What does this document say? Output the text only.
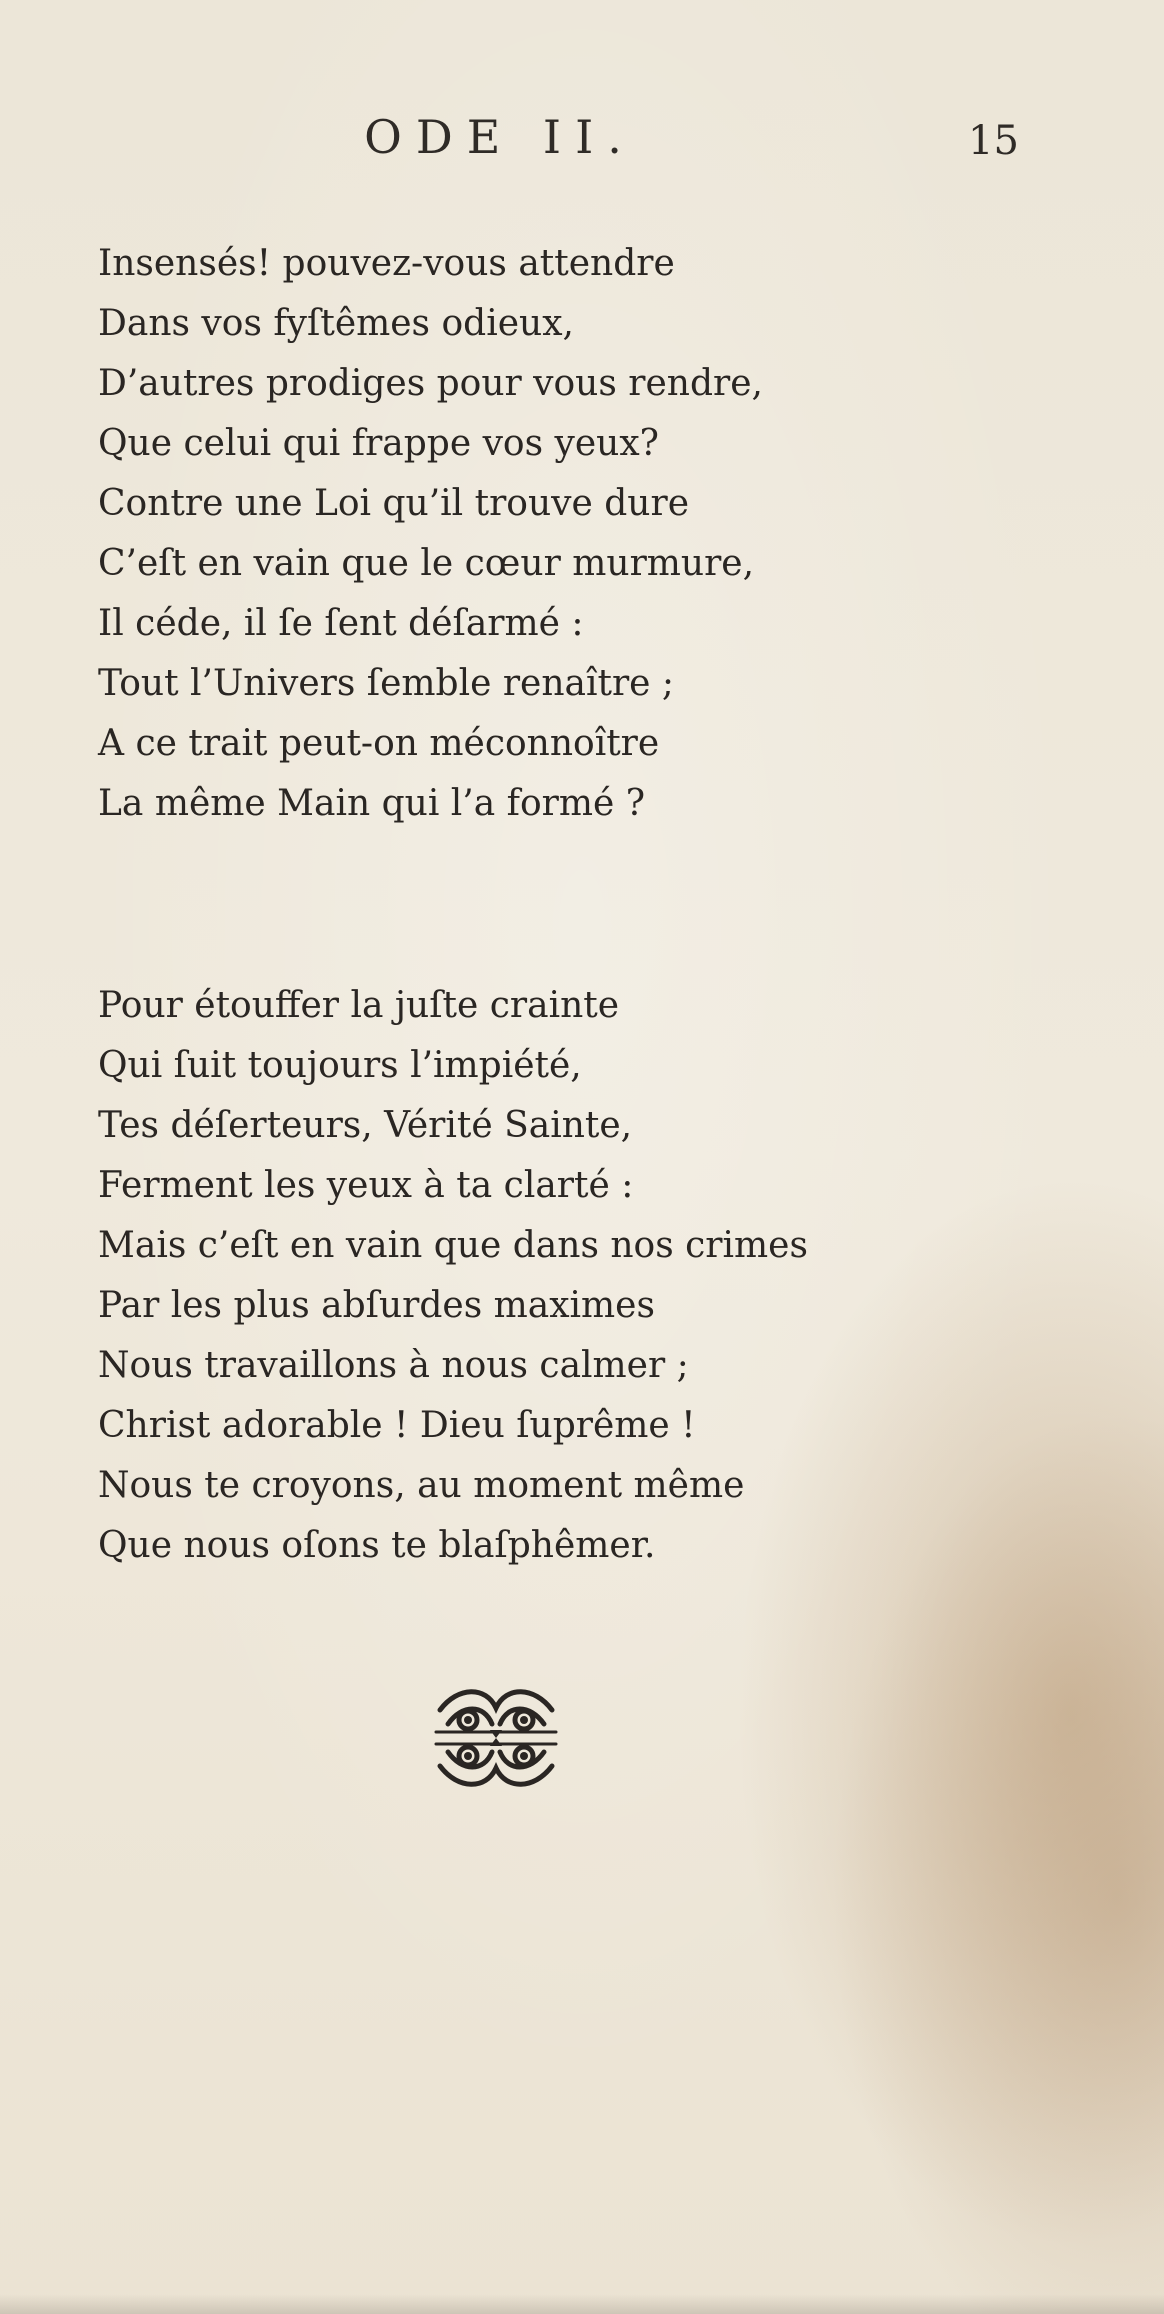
ODE II.	15
Insensés! pouvez-vous attendre
Dans vos fyſtêmes odieux,
D’autres prodiges pour vous rendre,
Que celui qui frappe vos yeux?
Contre une Loi qu’il trouve dure
C’eſt en vain que le cœur murmure,
Il céde, il ſe ſent déſarmé :
Tout l’Univers ſemble renaître ;
A ce trait peut-on méconnoître
La même Main qui l’a formé ?
Pour étouffer la juſte crainte
Qui ſuit toujours l’impiété,
Tes déſerteurs, Vérité Sainte,
Ferment les yeux à ta clarté :
Mais c’eſt en vain que dans nos crimes
Par les plus abſurdes maximes
Nous travaillons à nous calmer ;
Christ adorable ! Dieu ſuprême !
Nous te croyons, au moment même
Que nous oſons te blaſphêmer.
